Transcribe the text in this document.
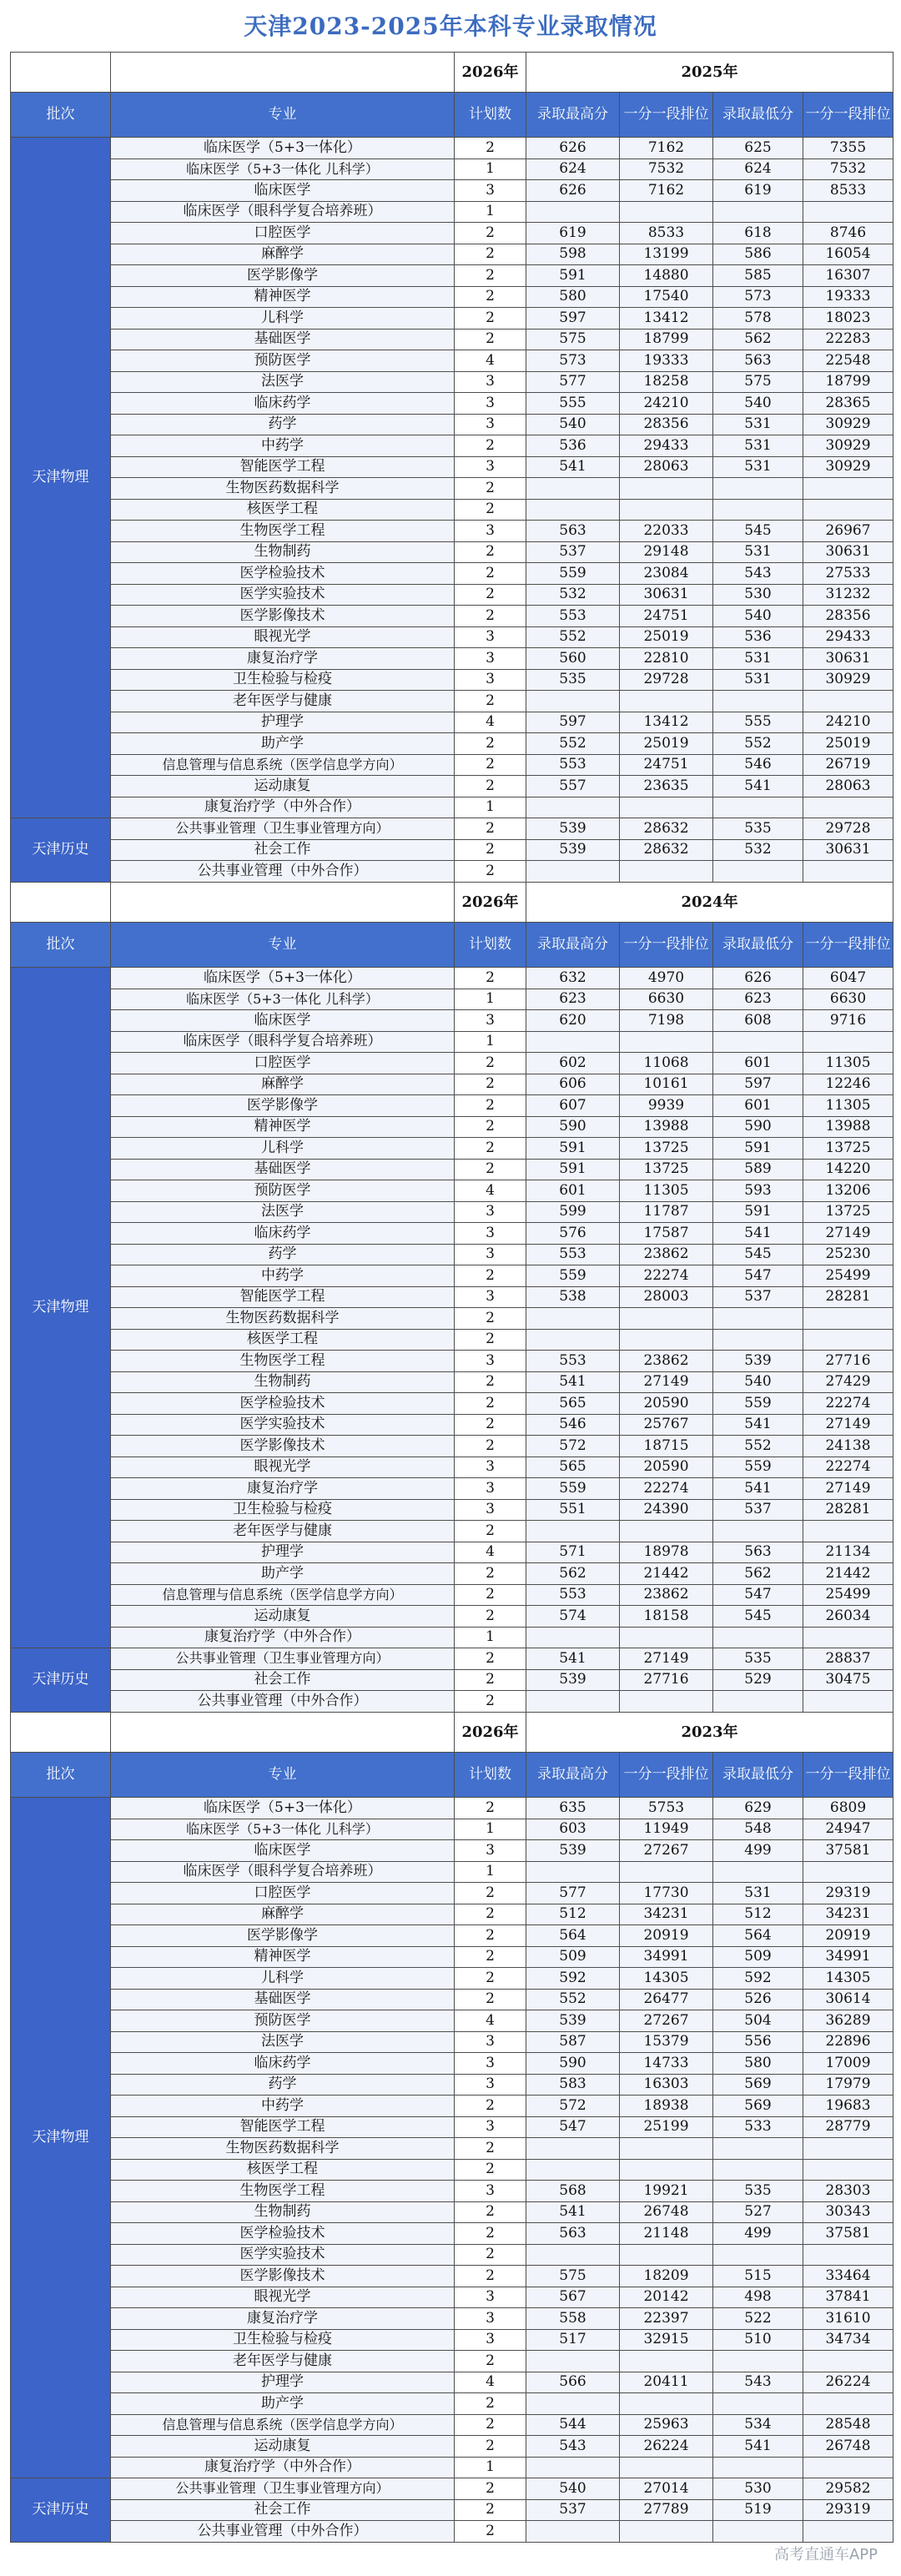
天津2023-2025年本科专业录取情况
		2026年	2025年			
批次	专业	计划数	录取最高分	一分一段排位	录取最低分	一分一段排位
天津物理	临床医学（5+3一体化）	2	626	7162	625	7355
	临床医学（5+3一体化 儿科学）	1	624	7532	624	7532
	临床医学	3	626	7162	619	8533
	临床医学（眼科学复合培养班）	1				
	口腔医学	2	619	8533	618	8746
	麻醉学	2	598	13199	586	16054
	医学影像学	2	591	14880	585	16307
	精神医学	2	580	17540	573	19333
	儿科学	2	597	13412	578	18023
	基础医学	2	575	18799	562	22283
	预防医学	4	573	19333	563	22548
	法医学	3	577	18258	575	18799
	临床药学	3	555	24210	540	28365
	药学	3	540	28356	531	30929
	中药学	2	536	29433	531	30929
	智能医学工程	3	541	28063	531	30929
	生物医药数据科学	2				
	核医学工程	2				
	生物医学工程	3	563	22033	545	26967
	生物制药	2	537	29148	531	30631
	医学检验技术	2	559	23084	543	27533
	医学实验技术	2	532	30631	530	31232
	医学影像技术	2	553	24751	540	28356
	眼视光学	3	552	25019	536	29433
	康复治疗学	3	560	22810	531	30631
	卫生检验与检疫	3	535	29728	531	30929
	老年医学与健康	2				
	护理学	4	597	13412	555	24210
	助产学	2	552	25019	552	25019
	信息管理与信息系统（医学信息学方向）	2	553	24751	546	26719
	运动康复	2	557	23635	541	28063
	康复治疗学（中外合作）	1				
天津历史	公共事业管理（卫生事业管理方向）	2	539	28632	535	29728
	社会工作	2	539	28632	532	30631
	公共事业管理（中外合作）	2				
		2026年	2024年			
批次	专业	计划数	录取最高分	一分一段排位	录取最低分	一分一段排位
天津物理	临床医学（5+3一体化）	2	632	4970	626	6047
	临床医学（5+3一体化 儿科学）	1	623	6630	623	6630
	临床医学	3	620	7198	608	9716
	临床医学（眼科学复合培养班）	1				
	口腔医学	2	602	11068	601	11305
	麻醉学	2	606	10161	597	12246
	医学影像学	2	607	9939	601	11305
	精神医学	2	590	13988	590	13988
	儿科学	2	591	13725	591	13725
	基础医学	2	591	13725	589	14220
	预防医学	4	601	11305	593	13206
	法医学	3	599	11787	591	13725
	临床药学	3	576	17587	541	27149
	药学	3	553	23862	545	25230
	中药学	2	559	22274	547	25499
	智能医学工程	3	538	28003	537	28281
	生物医药数据科学	2				
	核医学工程	2				
	生物医学工程	3	553	23862	539	27716
	生物制药	2	541	27149	540	27429
	医学检验技术	2	565	20590	559	22274
	医学实验技术	2	546	25767	541	27149
	医学影像技术	2	572	18715	552	24138
	眼视光学	3	565	20590	559	22274
	康复治疗学	3	559	22274	541	27149
	卫生检验与检疫	3	551	24390	537	28281
	老年医学与健康	2				
	护理学	4	571	18978	563	21134
	助产学	2	562	21442	562	21442
	信息管理与信息系统（医学信息学方向）	2	553	23862	547	25499
	运动康复	2	574	18158	545	26034
	康复治疗学（中外合作）	1				
天津历史	公共事业管理（卫生事业管理方向）	2	541	27149	535	28837
	社会工作	2	539	27716	529	30475
	公共事业管理（中外合作）	2				
		2026年	2023年			
批次	专业	计划数	录取最高分	一分一段排位	录取最低分	一分一段排位
天津物理	临床医学（5+3一体化）	2	635	5753	629	6809
	临床医学（5+3一体化 儿科学）	1	603	11949	548	24947
	临床医学	3	539	27267	499	37581
	临床医学（眼科学复合培养班）	1				
	口腔医学	2	577	17730	531	29319
	麻醉学	2	512	34231	512	34231
	医学影像学	2	564	20919	564	20919
	精神医学	2	509	34991	509	34991
	儿科学	2	592	14305	592	14305
	基础医学	2	552	26477	526	30614
	预防医学	4	539	27267	504	36289
	法医学	3	587	15379	556	22896
	临床药学	3	590	14733	580	17009
	药学	3	583	16303	569	17979
	中药学	2	572	18938	569	19683
	智能医学工程	3	547	25199	533	28779
	生物医药数据科学	2				
	核医学工程	2				
	生物医学工程	3	568	19921	535	28303
	生物制药	2	541	26748	527	30343
	医学检验技术	2	563	21148	499	37581
	医学实验技术	2				
	医学影像技术	2	575	18209	515	33464
	眼视光学	3	567	20142	498	37841
	康复治疗学	3	558	22397	522	31610
	卫生检验与检疫	3	517	32915	510	34734
	老年医学与健康	2				
	护理学	4	566	20411	543	26224
	助产学	2				
	信息管理与信息系统（医学信息学方向）	2	544	25963	534	28548
	运动康复	2	543	26224	541	26748
	康复治疗学（中外合作）	1				
天津历史	公共事业管理（卫生事业管理方向）	2	540	27014	530	29582
	社会工作	2	537	27789	519	29319
	公共事业管理（中外合作）	2				
高考直通车APP
